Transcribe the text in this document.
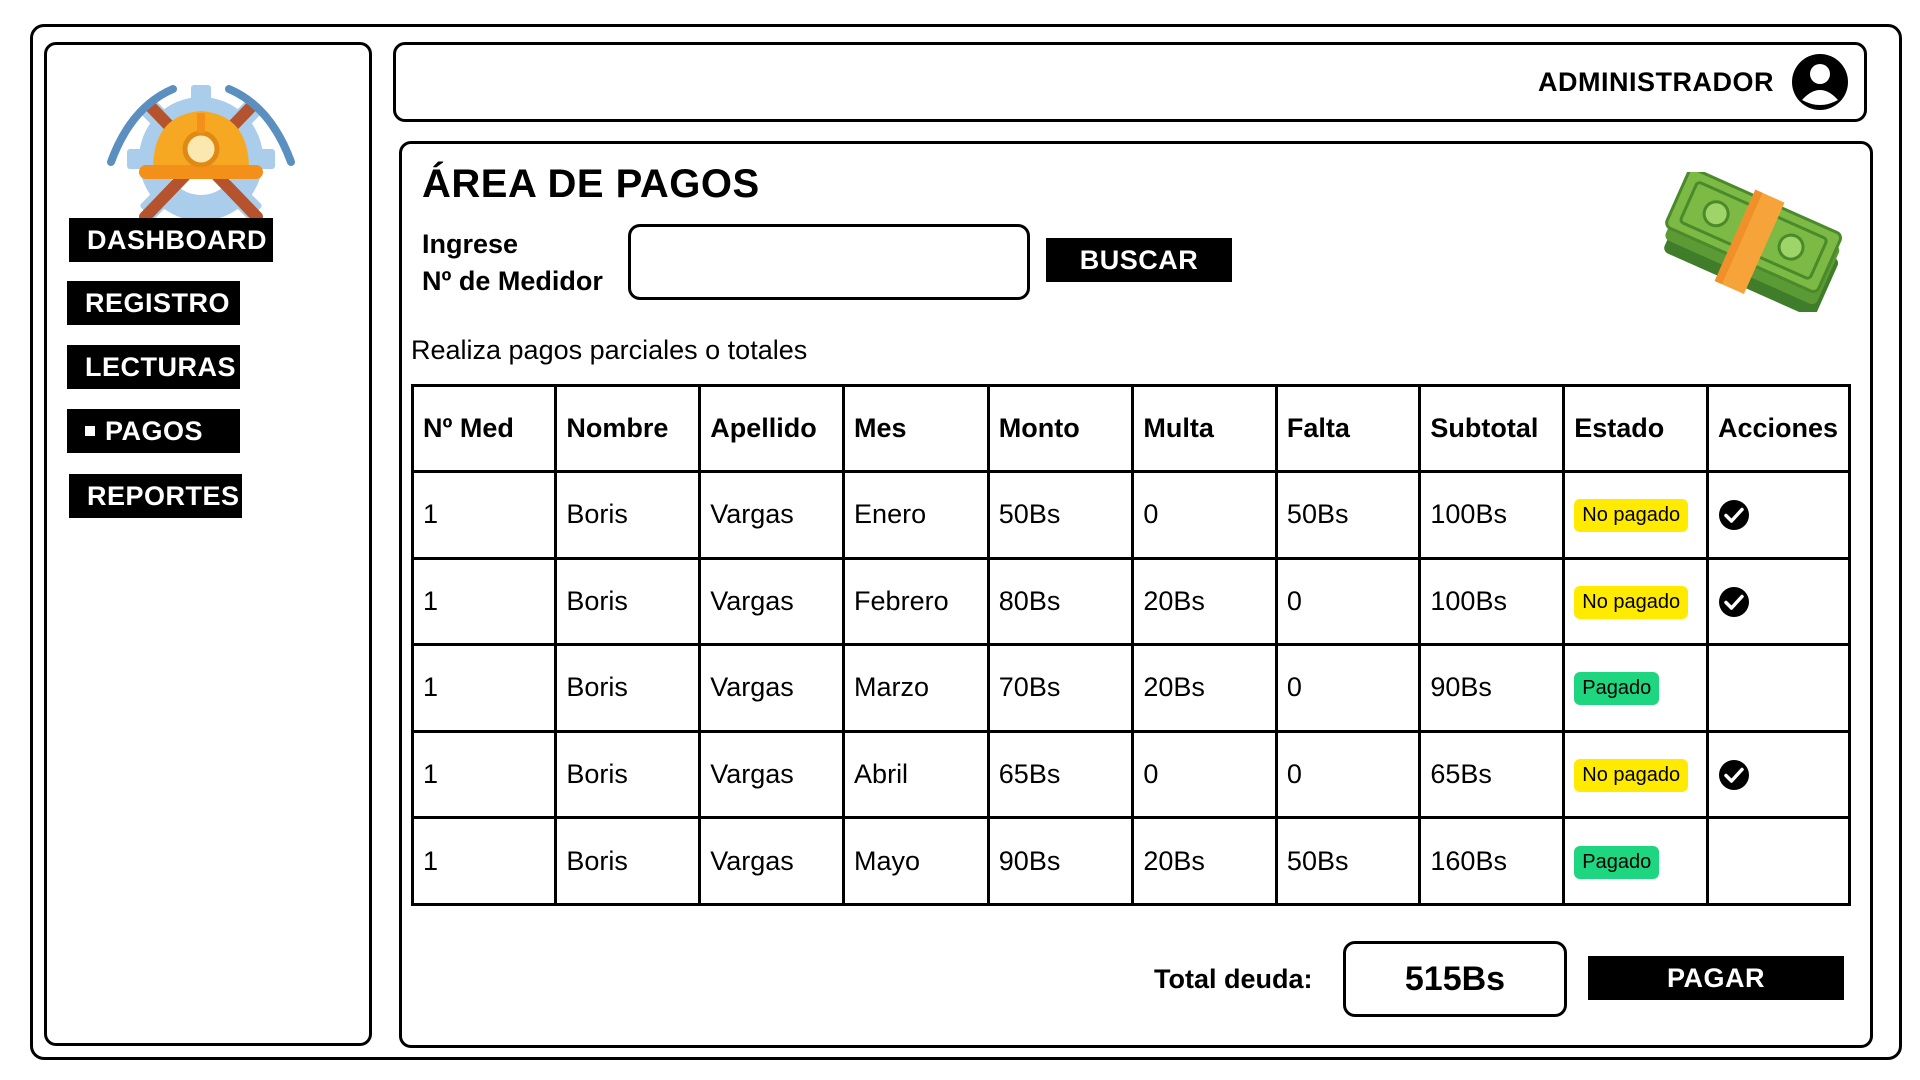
DASHBOARD
REGISTRO
LECTURAS
PAGOS
REPORTES
ADMINISTRADOR
ÁREA DE PAGOS
Ingrese
Nº de Medidor
BUSCAR
Realiza pagos parciales o totales
Nº Med	Nombre	Apellido	Mes	Monto	Multa	Falta	Subtotal	Estado	Acciones
1	Boris	Vargas	Enero	50Bs	0	50Bs	100Bs	No pagado	
1	Boris	Vargas	Febrero	80Bs	20Bs	0	100Bs	No pagado	
1	Boris	Vargas	Marzo	70Bs	20Bs	0	90Bs	Pagado	
1	Boris	Vargas	Abril	65Bs	0	0	65Bs	No pagado	
1	Boris	Vargas	Mayo	90Bs	20Bs	50Bs	160Bs	Pagado	
Total deuda:	515Bs	PAGAR
